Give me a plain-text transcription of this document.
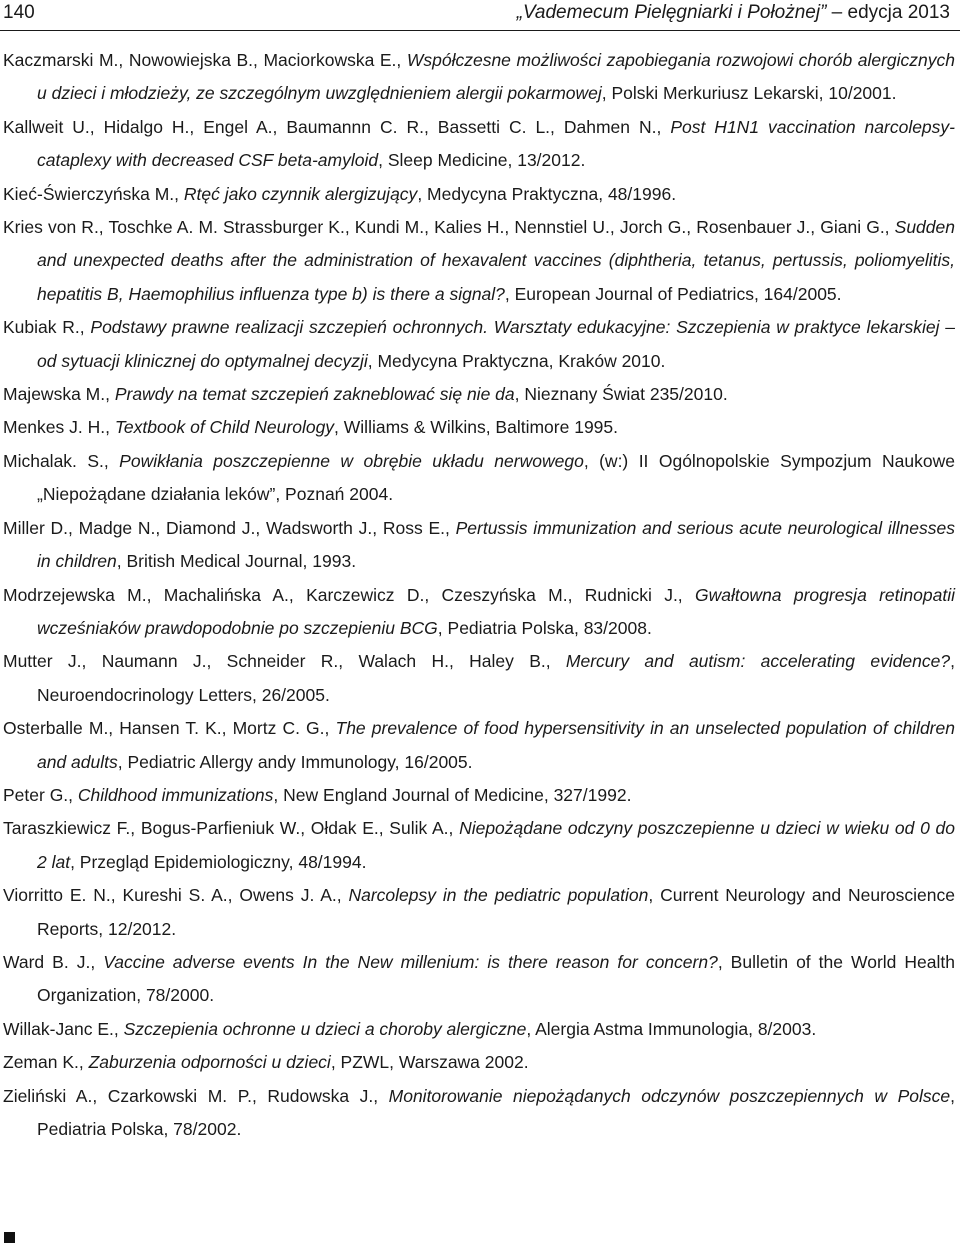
140	„Vademecum Pielęgniarki i Położnej” – edycja 2013

Kaczmarski M., Nowowiejska B., Maciorkowska E., Współczesne możliwości zapobiegania rozwojowi chorób alergicznych u dzieci i młodzieży, ze szczególnym uwzględnieniem alergii pokarmowej, Polski Merkuriusz Lekarski, 10/2001.

Kallweit U., Hidalgo H., Engel A., Baumannn C. R., Bassetti C. L., Dahmen N., Post H1N1 vaccination narcolepsy-cataplexy with decreased CSF beta-amyloid, Sleep Medicine, 13/2012.

Kieć-Świerczyńska M., Rtęć jako czynnik alergizujący, Medycyna Praktyczna, 48/1996.

Kries von R., Toschke A. M. Strassburger K., Kundi M., Kalies H., Nennstiel U., Jorch G., Rosenbauer J., Giani G., Sudden and unexpected deaths after the administration of hexavalent vaccines (diphtheria, tetanus, pertussis, poliomyelitis, hepatitis B, Haemophilius influenza type b) is there a signal?, European Journal of Pediatrics, 164/2005.

Kubiak R., Podstawy prawne realizacji szczepień ochronnych. Warsztaty edukacyjne: Szczepienia w praktyce lekarskiej – od sytuacji klinicznej do optymalnej decyzji, Medycyna Praktyczna, Kraków 2010.

Majewska M., Prawdy na temat szczepień zakneblować się nie da, Nieznany Świat 235/2010.

Menkes J. H., Textbook of Child Neurology, Williams & Wilkins, Baltimore 1995.

Michalak. S., Powikłania poszczepienne w obrębie układu nerwowego, (w:) II Ogólnopolskie Sympozjum Naukowe „Niepożądane działania leków”, Poznań 2004.

Miller D., Madge N., Diamond J., Wadsworth J., Ross E., Pertussis immunization and serious acute neurological illnesses in children, British Medical Journal, 1993.

Modrzejewska M., Machalińska A., Karczewicz D., Czeszyńska M., Rudnicki J., Gwałtowna progresja retinopatii wcześniaków prawdopodobnie po szczepieniu BCG, Pediatria Polska, 83/2008.

Mutter J., Naumann J., Schneider R., Walach H., Haley B., Mercury and autism: accelerating evidence?, Neuroendocrinology Letters, 26/2005.

Osterballe M., Hansen T. K., Mortz C. G., The prevalence of food hypersensitivity in an unselected population of children and adults, Pediatric Allergy andy Immunology, 16/2005.

Peter G., Childhood immunizations, New England Journal of Medicine, 327/1992.

Taraszkiewicz F., Bogus-Parfieniuk W., Ołdak E., Sulik A., Niepożądane odczyny poszczepienne u dzieci w wieku od 0 do 2 lat, Przegląd Epidemiologiczny, 48/1994.

Viorritto E. N., Kureshi S. A., Owens J. A., Narcolepsy in the pediatric population, Current Neurology and Neuroscience Reports, 12/2012.

Ward B. J., Vaccine adverse events In the New millenium: is there reason for concern?, Bulletin of the World Health Organization, 78/2000.

Willak-Janc E., Szczepienia ochronne u dzieci a choroby alergiczne, Alergia Astma Immunologia, 8/2003.

Zeman K., Zaburzenia odporności u dzieci, PZWL, Warszawa 2002.

Zieliński A., Czarkowski M. P., Rudowska J., Monitorowanie niepożądanych odczynów poszczepiennych w Polsce, Pediatria Polska, 78/2002.
